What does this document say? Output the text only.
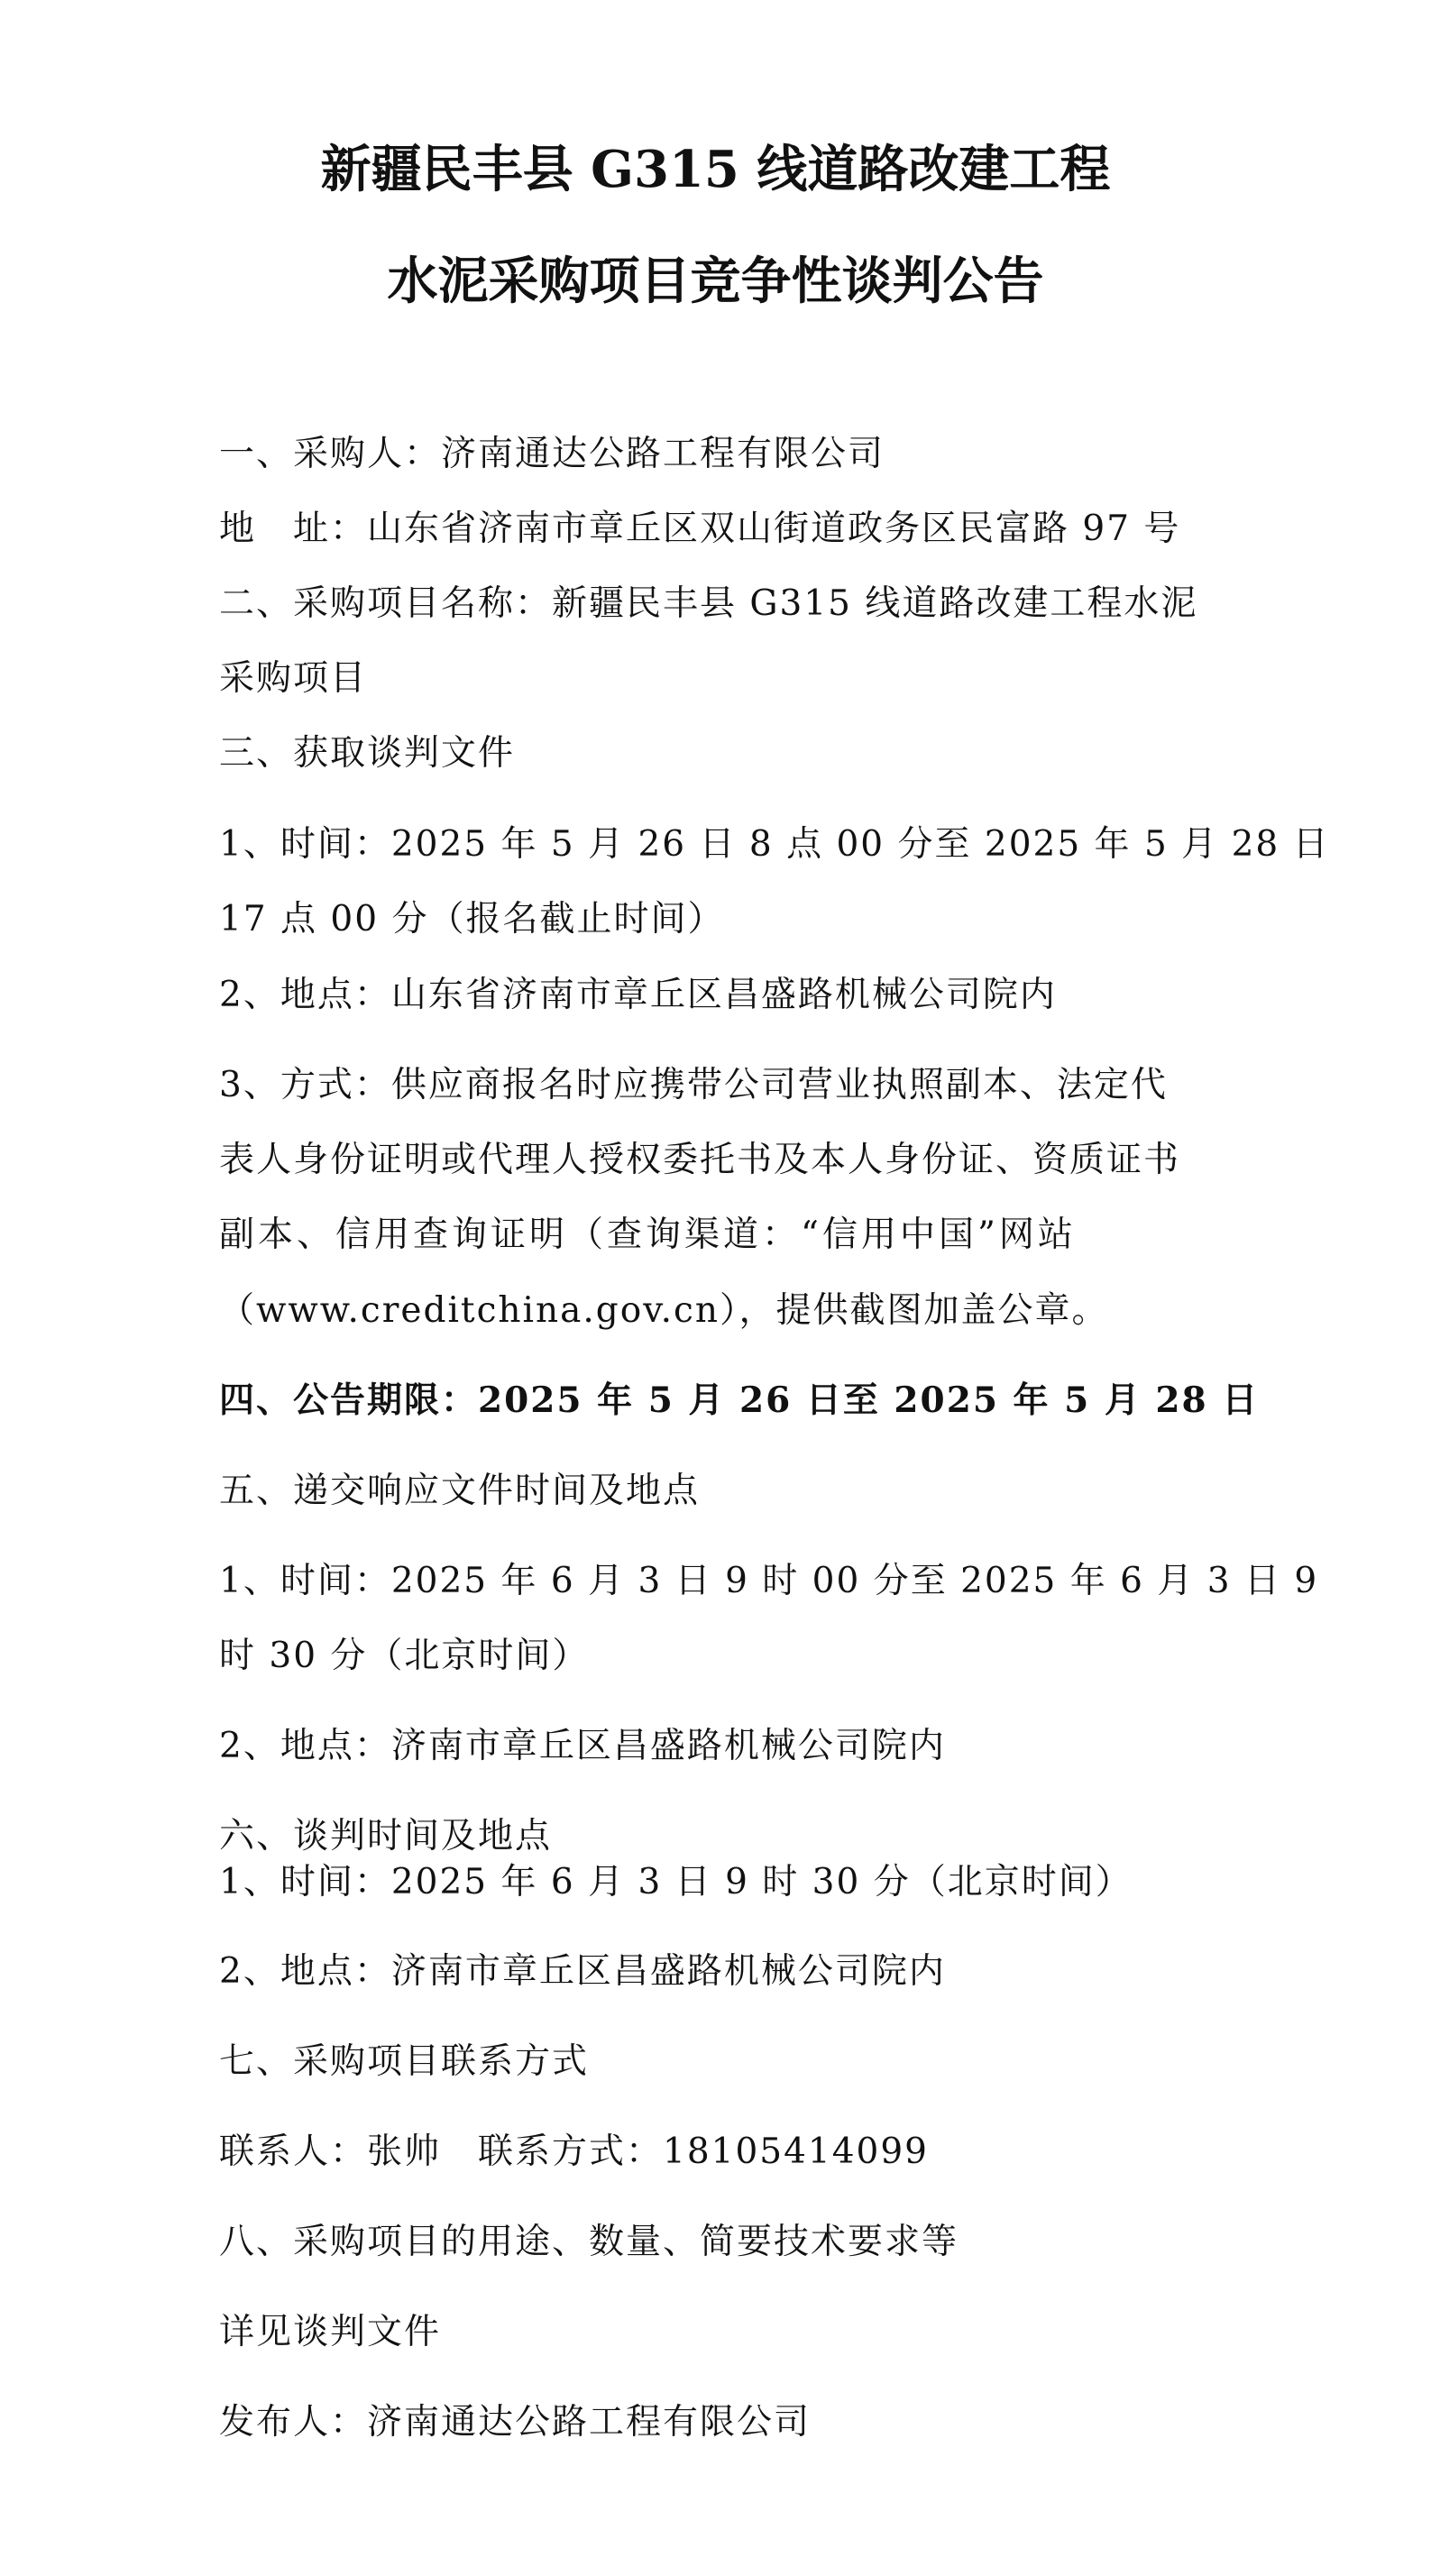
新疆民丰县 G315 线道路改建工程
水泥采购项目竞争性谈判公告

一、采购人：济南通达公路工程有限公司

地　址：山东省济南市章丘区双山街道政务区民富路 97 号

二、采购项目名称：新疆民丰县 G315 线道路改建工程水泥

采购项目

三、获取谈判文件

1、时间：2025 年 5 月 26 日 8 点 00 分至 2025 年 5 月 28 日

17 点 00 分（报名截止时间）

2、地点：山东省济南市章丘区昌盛路机械公司院内

3、方式：供应商报名时应携带公司营业执照副本、法定代

表人身份证明或代理人授权委托书及本人身份证、资质证书

副本、信用查询证明（查询渠道：“信用中国”网站

（www.creditchina.gov.cn），提供截图加盖公章。

四、公告期限：2025 年 5 月 26 日至 2025 年 5 月 28 日

五、递交响应文件时间及地点

1、时间：2025 年 6 月 3 日 9 时 00 分至 2025 年 6 月 3 日 9

时 30 分（北京时间）

2、地点：济南市章丘区昌盛路机械公司院内

六、谈判时间及地点

1、时间：2025 年 6 月 3 日 9 时 30 分（北京时间）

2、地点：济南市章丘区昌盛路机械公司院内

七、采购项目联系方式

联系人：张帅　联系方式：18105414099

八、采购项目的用途、数量、简要技术要求等

详见谈判文件

发布人：济南通达公路工程有限公司
